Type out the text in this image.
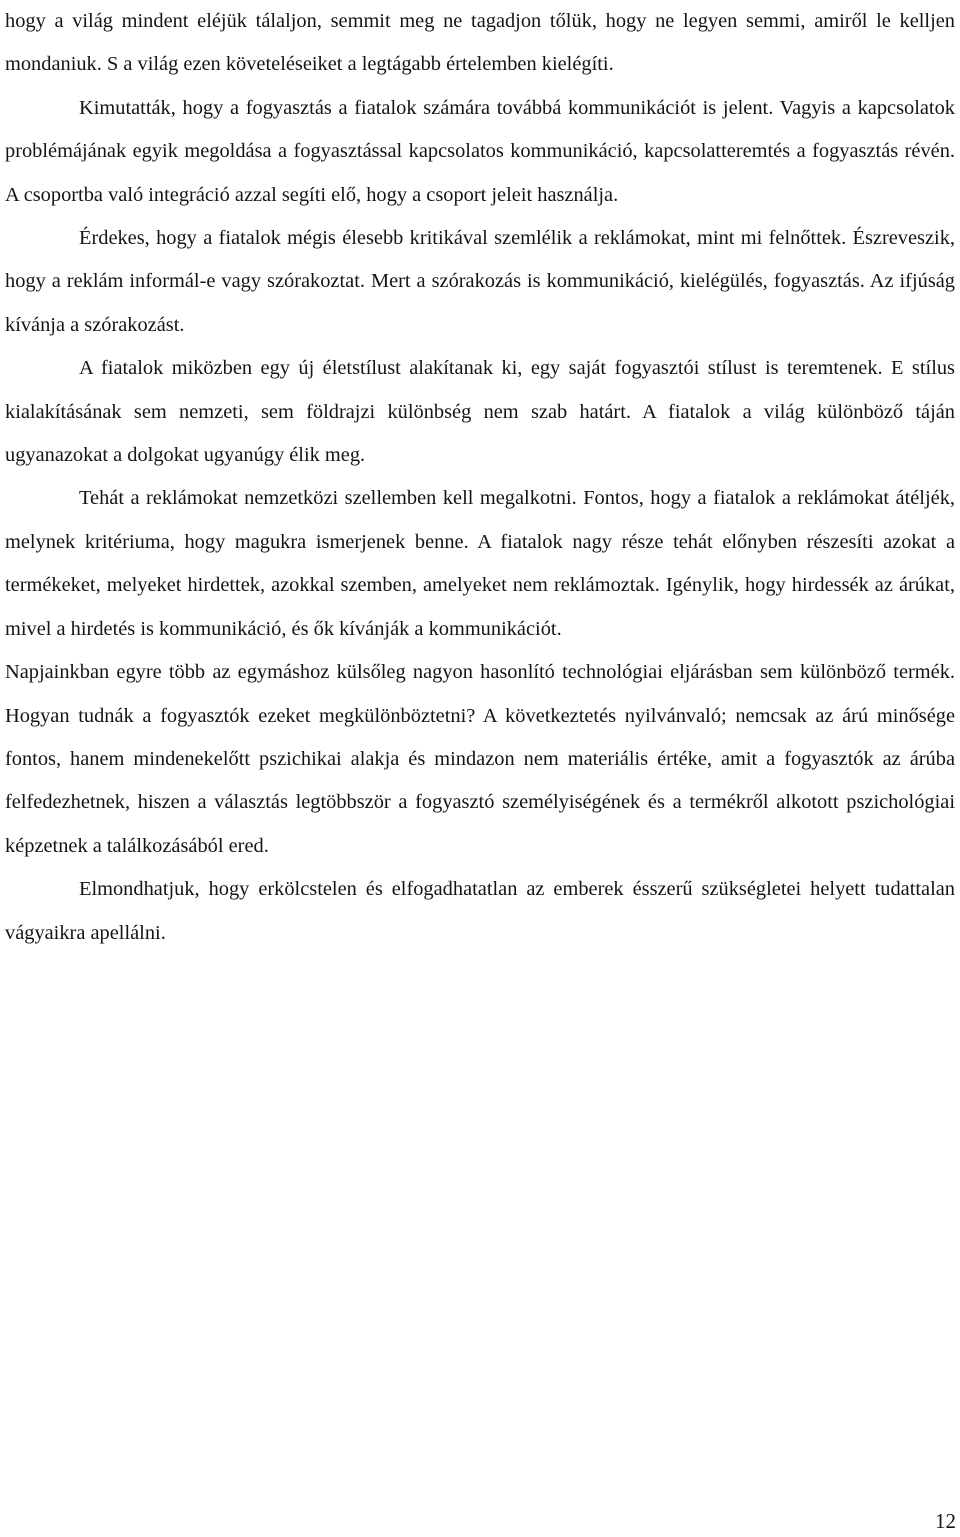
hogy a világ mindent eléjük tálaljon, semmit meg ne tagadjon tőlük, hogy ne legyen semmi, amiről le kelljen mondaniuk. S a világ ezen követeléseiket a legtágabb értelemben kielégíti.

Kimutatták, hogy a fogyasztás a fiatalok számára továbbá kommunikációt is jelent. Vagyis a kapcsolatok problémájának egyik megoldása a fogyasztással kapcsolatos kommunikáció, kapcsolatteremtés a fogyasztás révén. A csoportba való integráció azzal segíti elő, hogy a csoport jeleit használja.

Érdekes, hogy a fiatalok mégis élesebb kritikával szemlélik a reklámokat, mint mi felnőttek. Észreveszik, hogy a reklám informál-e vagy szórakoztat. Mert a szórakozás is kommunikáció, kielégülés, fogyasztás. Az ifjúság kívánja a szórakozást.

A fiatalok miközben egy új életstílust alakítanak ki, egy saját fogyasztói stílust is teremtenek. E stílus kialakításának sem nemzeti, sem földrajzi különbség nem szab határt. A fiatalok a világ különböző táján ugyanazokat a dolgokat ugyanúgy élik meg.

Tehát a reklámokat nemzetközi szellemben kell megalkotni. Fontos, hogy a fiatalok a reklámokat átéljék, melynek kritériuma, hogy magukra ismerjenek benne. A fiatalok nagy része tehát előnyben részesíti azokat a termékeket, melyeket hirdettek, azokkal szemben, amelyeket nem reklámoztak. Igénylik, hogy hirdessék az árúkat, mivel a hirdetés is kommunikáció, és ők kívánják a kommunikációt.

Napjainkban egyre több az egymáshoz külsőleg nagyon hasonlító technológiai eljárásban sem különböző termék. Hogyan tudnák a fogyasztók ezeket megkülönböztetni? A következtetés nyilvánvaló; nemcsak az árú minősége fontos, hanem mindenekelőtt pszichikai alakja és mindazon nem materiális értéke, amit a fogyasztók az árúba felfedezhetnek, hiszen a választás legtöbbször a fogyasztó személyiségének és a termékről alkotott pszichológiai képzetnek a találkozásából ered.

Elmondhatjuk, hogy erkölcstelen és elfogadhatatlan az emberek ésszerű szükségletei helyett tudattalan vágyaikra apellálni.

12
